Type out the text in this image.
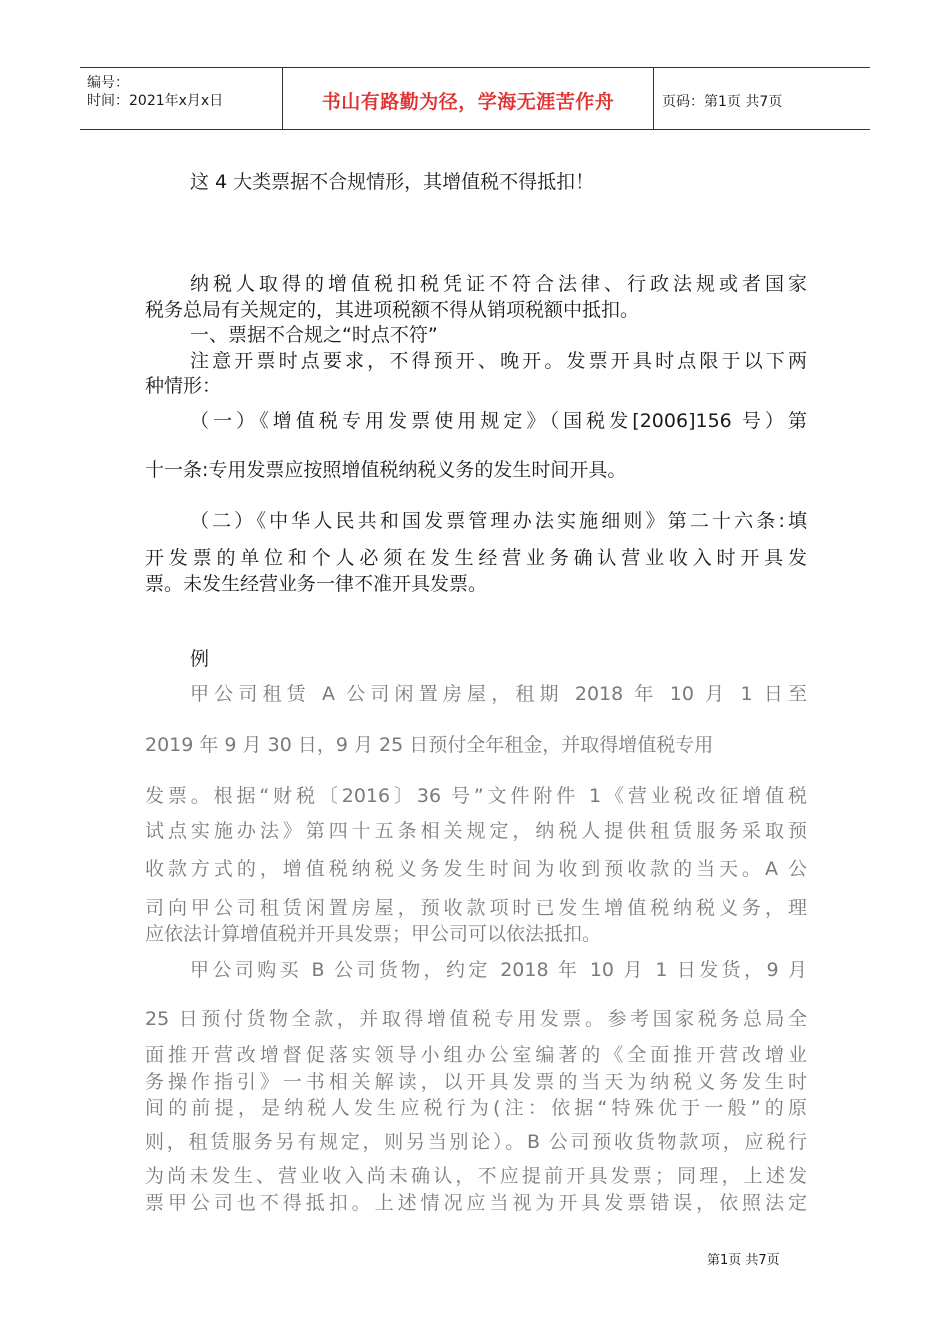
编号：
时间：2021年x月x日	书山有路勤为径，学海无涯苦作舟	页码：第1页 共7页

这 4 大类票据不合规情形，其增值税不得抵扣！

纳税人取得的增值税扣税凭证不符合法律、行政法规或者国家

税务总局有关规定的，其进项税额不得从销项税额中抵扣。

一、票据不合规之“时点不符”

注意开票时点要求，不得预开、晚开。发票开具时点限于以下两

种情形：

（一）《增值税专用发票使用规定》（国税发[2006]156 号）第

十一条:专用发票应按照增值税纳税义务的发生时间开具。

（二）《中华人民共和国发票管理办法实施细则》第二十六条:填

开发票的单位和个人必须在发生经营业务确认营业收入时开具发

票。未发生经营业务一律不准开具发票。

例

甲公司租赁 A 公司闲置房屋，租期 2018 年 10 月 1 日至

2019 年 9 月 30 日，9 月 25 日预付全年租金，并取得增值税专用

发票。根据“财税〔2016〕36 号”文件附件 1《营业税改征增值税

试点实施办法》第四十五条相关规定，纳税人提供租赁服务采取预

收款方式的，增值税纳税义务发生时间为收到预收款的当天。A 公

司向甲公司租赁闲置房屋，预收款项时已发生增值税纳税义务，理

应依法计算增值税并开具发票；甲公司可以依法抵扣。

甲公司购买 B 公司货物，约定 2018 年 10 月 1 日发货，9 月

25 日预付货物全款，并取得增值税专用发票。参考国家税务总局全

面推开营改增督促落实领导小组办公室编著的《全面推开营改增业

务操作指引》一书相关解读，以开具发票的当天为纳税义务发生时

间的前提，是纳税人发生应税行为(注：依据“特殊优于一般”的原

则，租赁服务另有规定，则另当别论）。B 公司预收货物款项，应税行

为尚未发生、营业收入尚未确认，不应提前开具发票；同理，上述发

票甲公司也不得抵扣。上述情况应当视为开具发票错误，依照法定

第1页 共7页
